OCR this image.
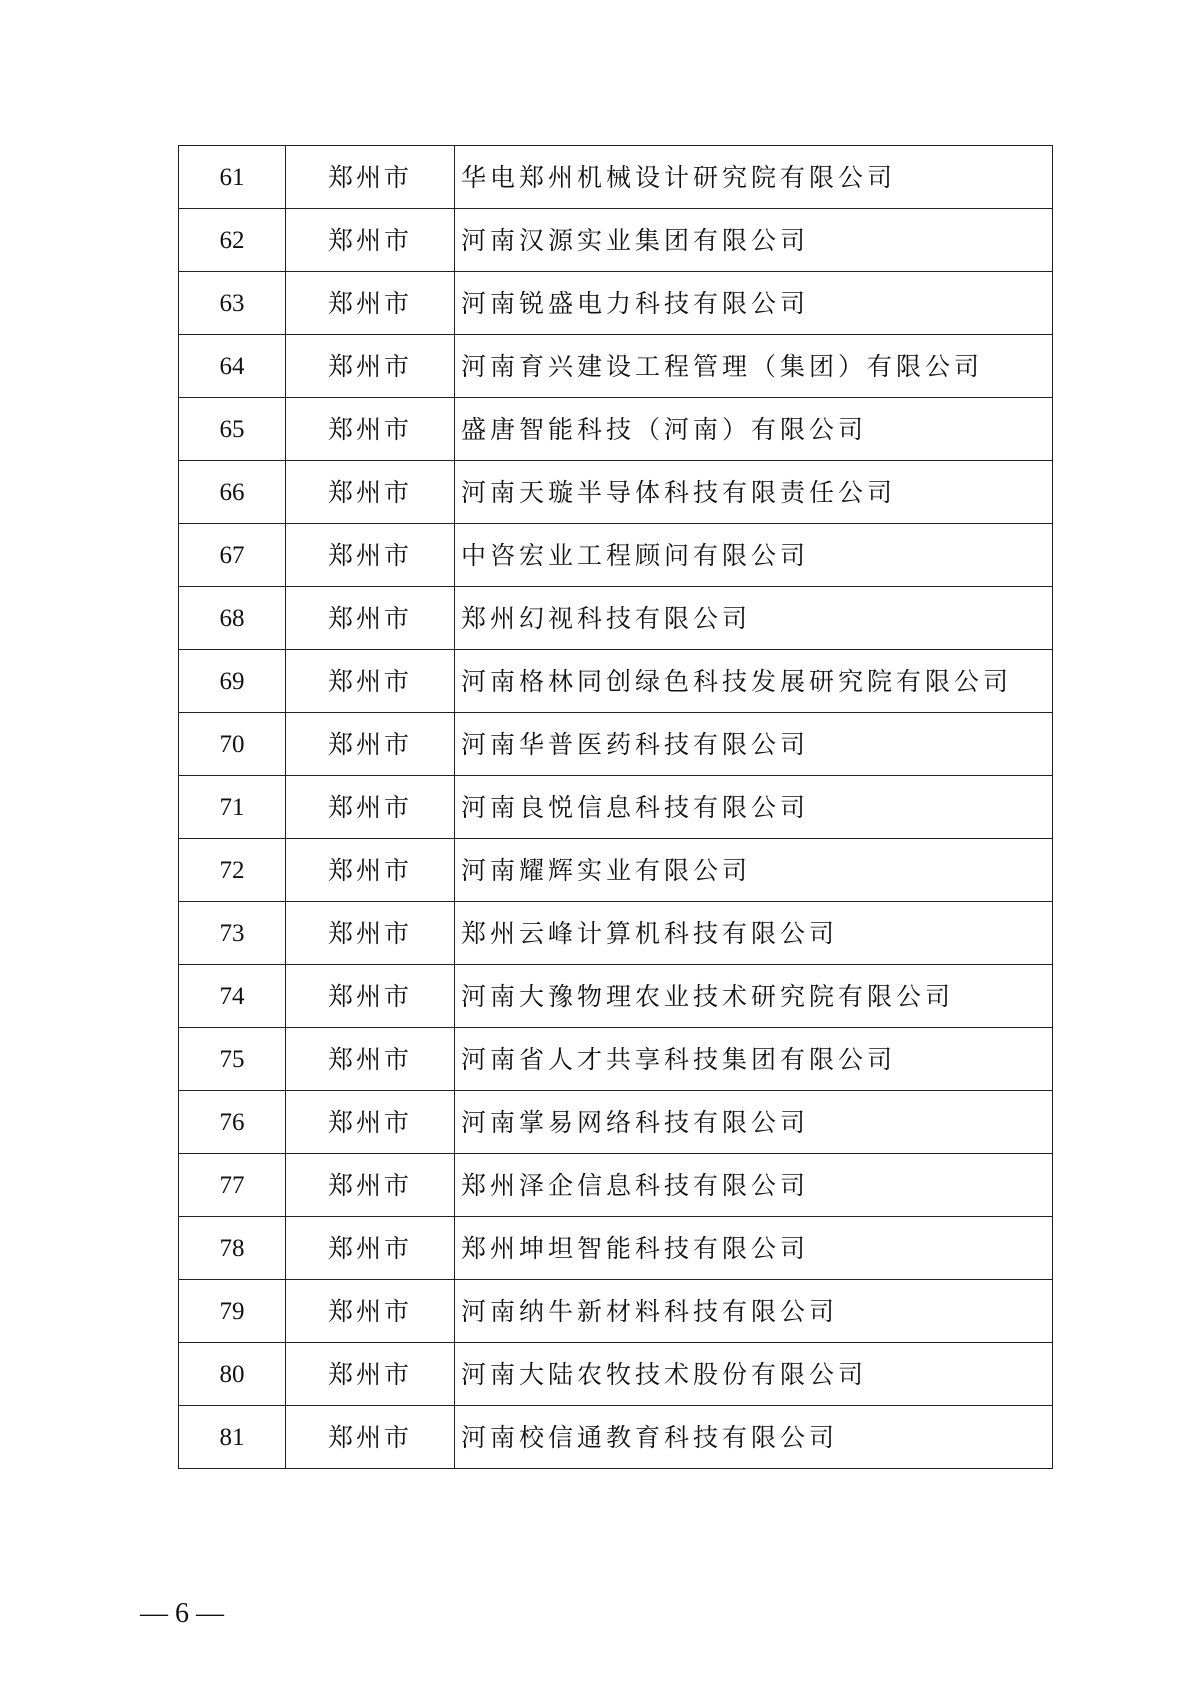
61	郑州市	华电郑州机械设计研究院有限公司
62	郑州市	河南汉源实业集团有限公司
63	郑州市	河南锐盛电力科技有限公司
64	郑州市	河南育兴建设工程管理（集团）有限公司
65	郑州市	盛唐智能科技（河南）有限公司
66	郑州市	河南天璇半导体科技有限责任公司
67	郑州市	中咨宏业工程顾问有限公司
68	郑州市	郑州幻视科技有限公司
69	郑州市	河南格林同创绿色科技发展研究院有限公司
70	郑州市	河南华普医药科技有限公司
71	郑州市	河南良悦信息科技有限公司
72	郑州市	河南耀辉实业有限公司
73	郑州市	郑州云峰计算机科技有限公司
74	郑州市	河南大豫物理农业技术研究院有限公司
75	郑州市	河南省人才共享科技集团有限公司
76	郑州市	河南掌易网络科技有限公司
77	郑州市	郑州泽企信息科技有限公司
78	郑州市	郑州坤坦智能科技有限公司
79	郑州市	河南纳牛新材料科技有限公司
80	郑州市	河南大陆农牧技术股份有限公司
81	郑州市	河南校信通教育科技有限公司
— 6 —
